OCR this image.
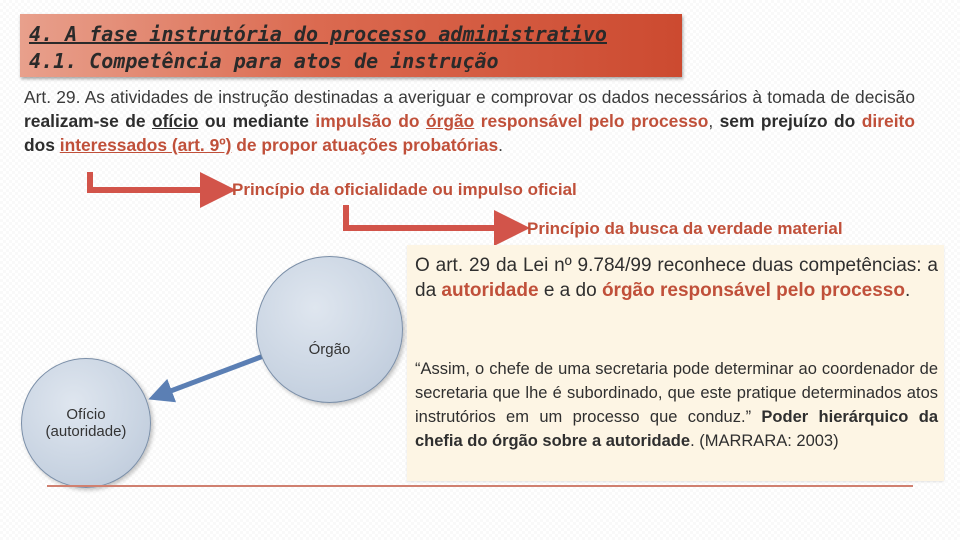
4. A fase instrutória do processo administrativo
4.1. Competência para atos de instrução
Art. 29. As atividades de instrução destinadas a averiguar e comprovar os dados necessários à tomada de decisão realizam-se de ofício ou mediante impulsão do órgão responsável pelo processo, sem prejuízo do direito dos interessados (art. 9º) de propor atuações probatórias.
Princípio da oficialidade ou impulso oficial
Princípio da busca da verdade material
Órgão
Ofício
(autoridade)
O art. 29 da Lei nº 9.784/99 reconhece duas competências: a da autoridade e a do órgão responsável pelo processo.
“Assim, o chefe de uma secretaria pode determinar ao coordenador de secretaria que lhe é subordinado, que este pratique determinados atos instrutórios em um processo que conduz.” Poder hierárquico da chefia do órgão sobre a autoridade. (MARRARA: 2003)
